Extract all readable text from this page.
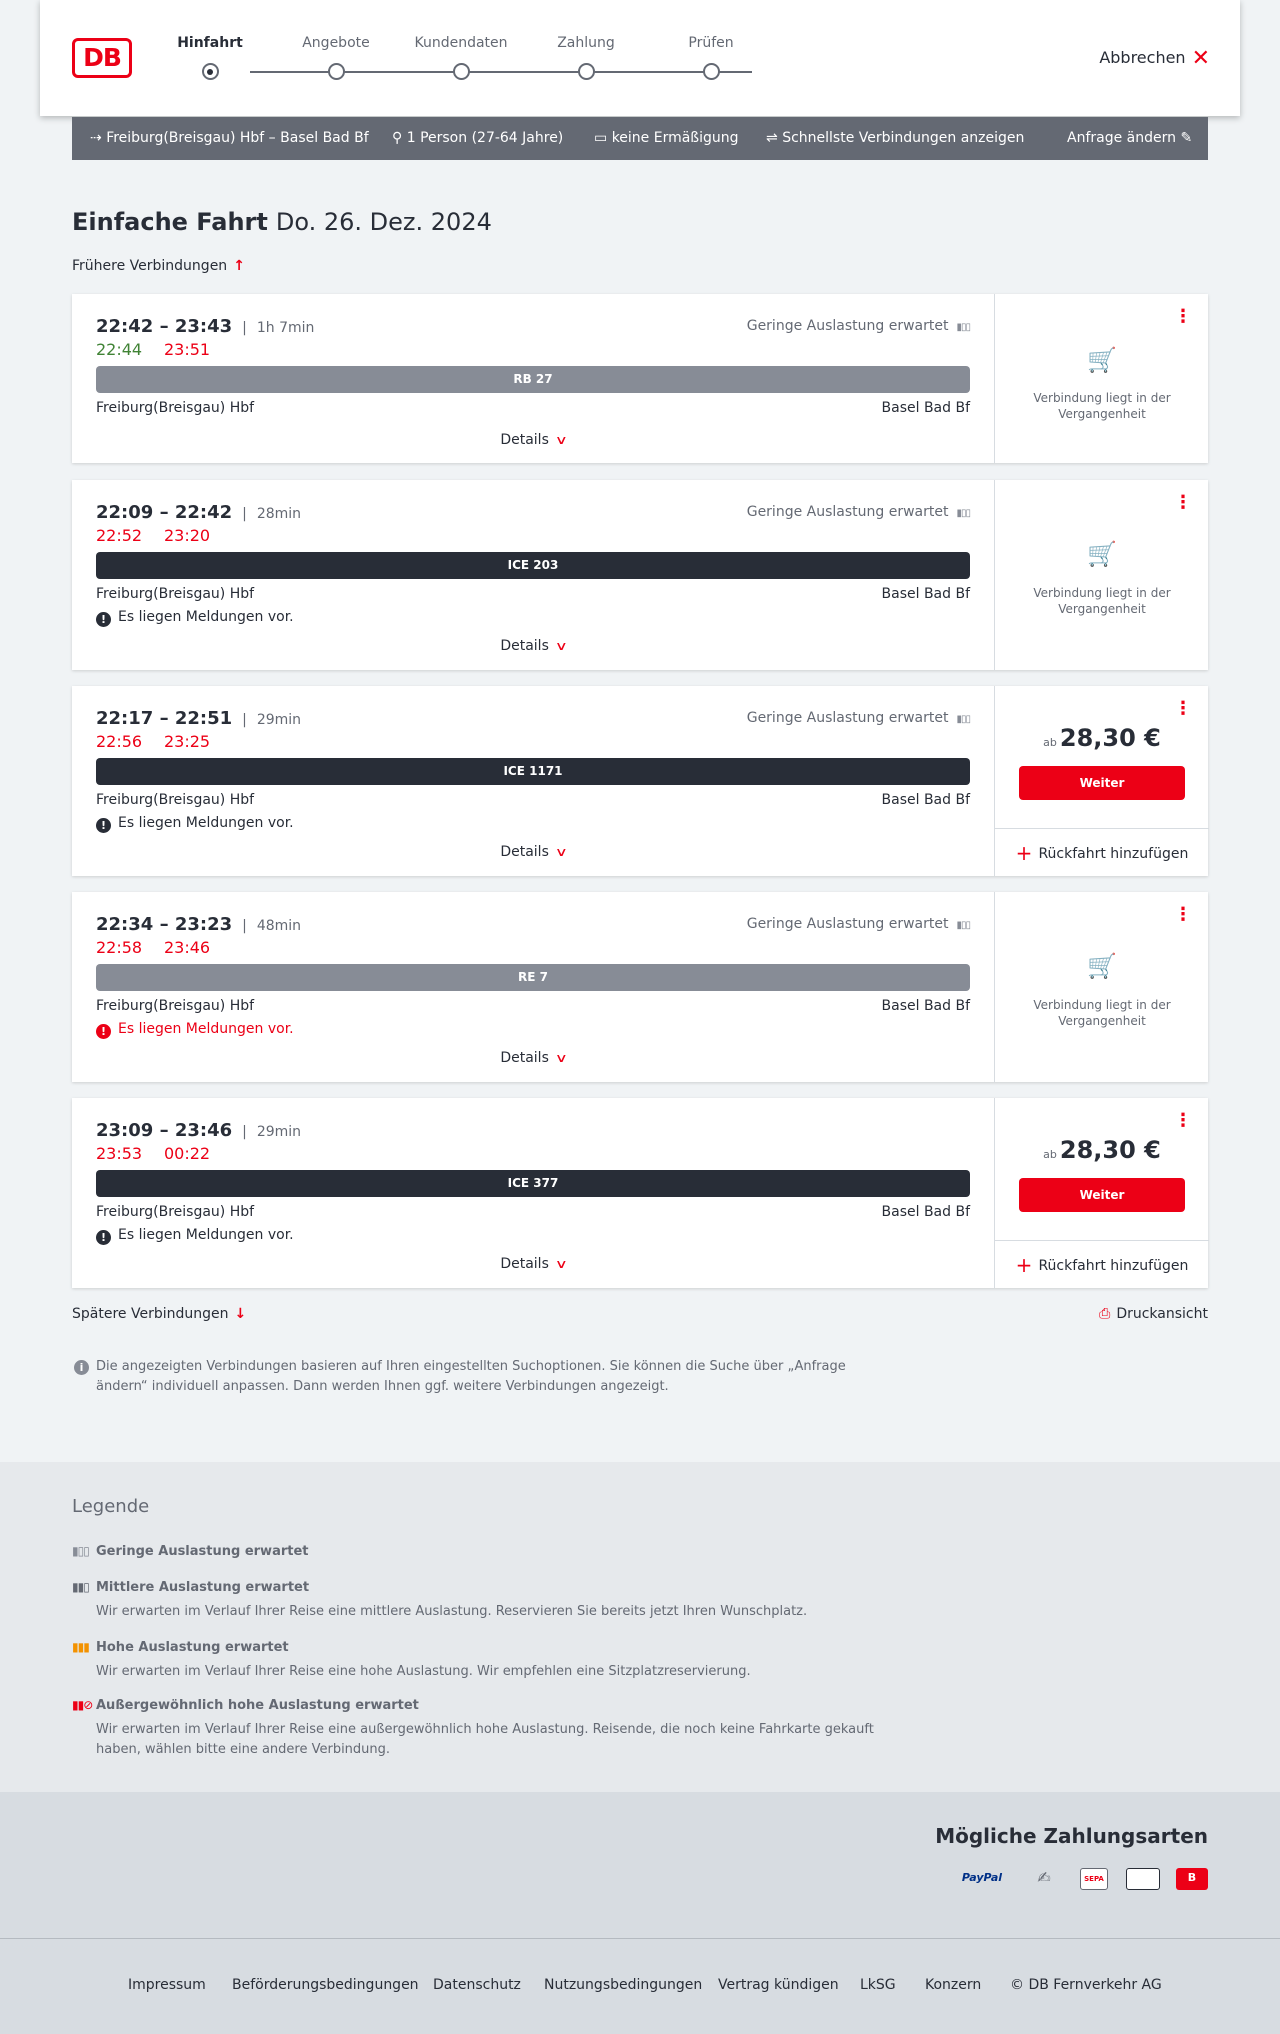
DB	Hinfahrt	Angebote	Kundendaten	Zahlung	Prüfen
Abbrechen ✕
⇢ Freiburg(Breisgau) Hbf – Basel Bad Bf ⚲ 1 Person (27-64 Jahre) ▭ keine Ermäßigung ⇌ Schnellste Verbindungen anzeigen	Anfrage ändern ✎
Einfache Fahrt Do. 26. Dez. 2024
Frühere Verbindungen ↑
22:42 – 23:43 | 1h 7min
22:44 23:51
Geringe Auslastung erwartet ▮▯▯
RB 27
Freiburg(Breisgau) Hbf	Basel Bad Bf
Details ∨
⋮
🛒
Verbindung liegt in der Vergangenheit
22:09 – 22:42 | 28min
22:52 23:20
Geringe Auslastung erwartet ▮▯▯
ICE 203
Freiburg(Breisgau) Hbf	Basel Bad Bf
! Es liegen Meldungen vor.
Details ∨
⋮
🛒
Verbindung liegt in der Vergangenheit
22:17 – 22:51 | 29min
22:56 23:25
Geringe Auslastung erwartet ▮▯▯
ICE 1171
Freiburg(Breisgau) Hbf	Basel Bad Bf
! Es liegen Meldungen vor.
Details ∨
⋮
ab 28,30 €
Weiter
+ Rückfahrt hinzufügen
22:34 – 23:23 | 48min
22:58 23:46
Geringe Auslastung erwartet ▮▯▯
RE 7
Freiburg(Breisgau) Hbf	Basel Bad Bf
! Es liegen Meldungen vor.
Details ∨
⋮
🛒
Verbindung liegt in der Vergangenheit
23:09 – 23:46 | 29min
23:53 00:22
ICE 377
Freiburg(Breisgau) Hbf	Basel Bad Bf
! Es liegen Meldungen vor.
Details ∨
⋮
ab 28,30 €
Weiter
+ Rückfahrt hinzufügen
Spätere Verbindungen ↓	⎙ Druckansicht
i Die angezeigten Verbindungen basieren auf Ihren eingestellten Suchoptionen. Sie können die Suche über „Anfrage ändern“ individuell anpassen. Dann werden Ihnen ggf. weitere Verbindungen angezeigt.
Legende
▮▯▯ Geringe Auslastung erwartet
▮▮▯ Mittlere Auslastung erwartet
Wir erwarten im Verlauf Ihrer Reise eine mittlere Auslastung. Reservieren Sie bereits jetzt Ihren Wunschplatz.
▮▮▮ Hohe Auslastung erwartet
Wir erwarten im Verlauf Ihrer Reise eine hohe Auslastung. Wir empfehlen eine Sitzplatzreservierung.
▮▮⊘ Außergewöhnlich hohe Auslastung erwartet
Wir erwarten im Verlauf Ihrer Reise eine außergewöhnlich hohe Auslastung. Reisende, die noch keine Fahrkarte gekauft haben, wählen bitte eine andere Verbindung.
Mögliche Zahlungsarten
PayPal	✍	SEPA	B
Impressum Beförderungsbedingungen Datenschutz Nutzungsbedingungen Vertrag kündigen LkSG Konzern © DB Fernverkehr AG
